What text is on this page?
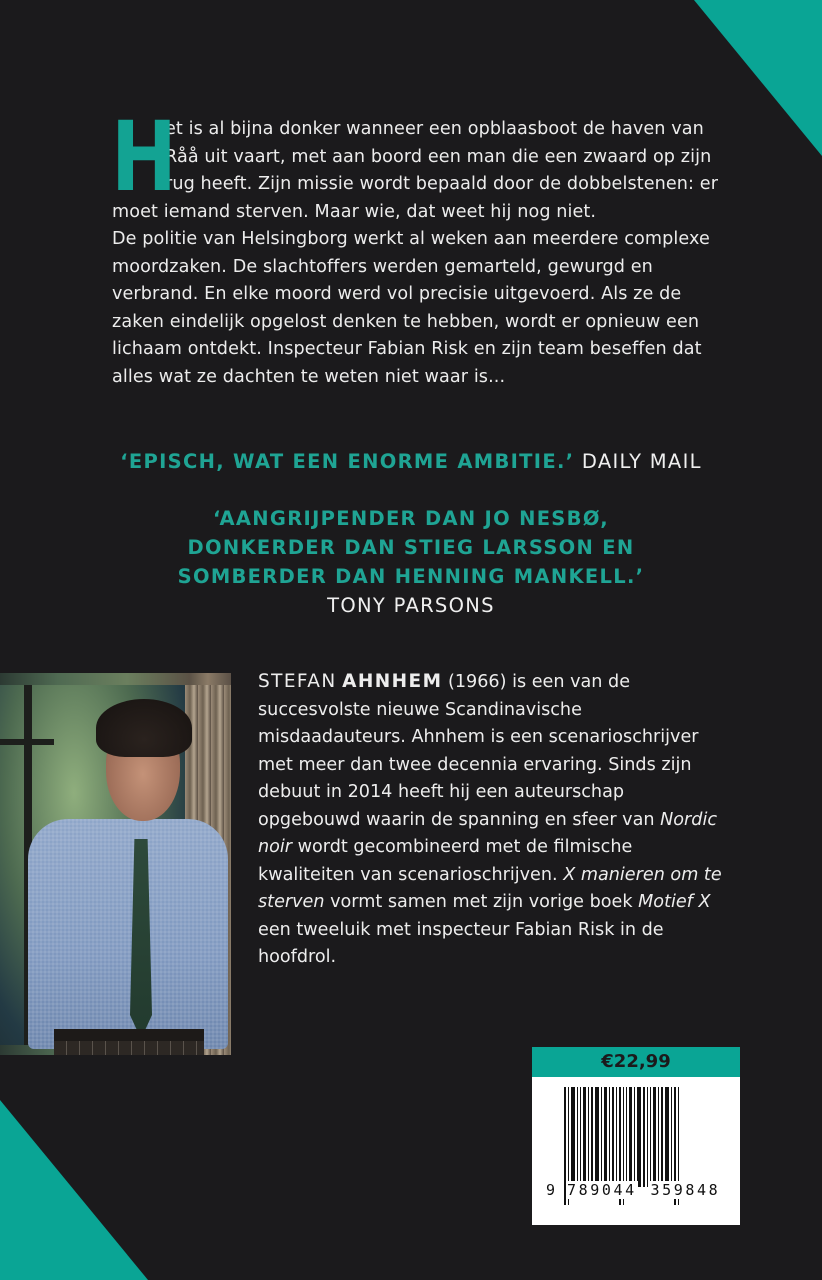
H
et is al bijna donker wanneer een opblaasboot de haven van Råå uit vaart, met aan boord een man die een zwaard op zijn rug heeft. Zijn missie wordt bepaald door de dobbelstenen: er moet iemand sterven. Maar wie, dat weet hij nog niet.
De politie van Helsingborg werkt al weken aan meerdere complexe moordzaken. De slachtoffers werden gemarteld, gewurgd en verbrand. En elke moord werd vol precisie uitgevoerd. Als ze de zaken eindelijk opgelost denken te hebben, wordt er opnieuw een lichaam ontdekt. Inspecteur Fabian Risk en zijn team beseffen dat alles wat ze dachten te weten niet waar is...
‘EPISCH, WAT EEN ENORME AMBITIE.’ DAILY MAIL
‘AANGRIJPENDER DAN JO NESBØ,
DONKERDER DAN STIEG LARSSON EN
SOMBERDER DAN HENNING MANKELL.’
TONY PARSONS
STEFAN AHNHEM (1966) is een van de succesvolste nieuwe Scandinavische misdaadauteurs. Ahnhem is een scenarioschrijver met meer dan twee decennia ervaring. Sinds zijn debuut in 2014 heeft hij een auteurschap opgebouwd waarin de spanning en sfeer van Nordic noir wordt gecombineerd met de filmische kwaliteiten van scenarioschrijven. X manieren om te sterven vormt samen met zijn vorige boek Motief X een tweeluik met inspecteur Fabian Risk in de hoofdrol.
€22,99
9 789044 359848
